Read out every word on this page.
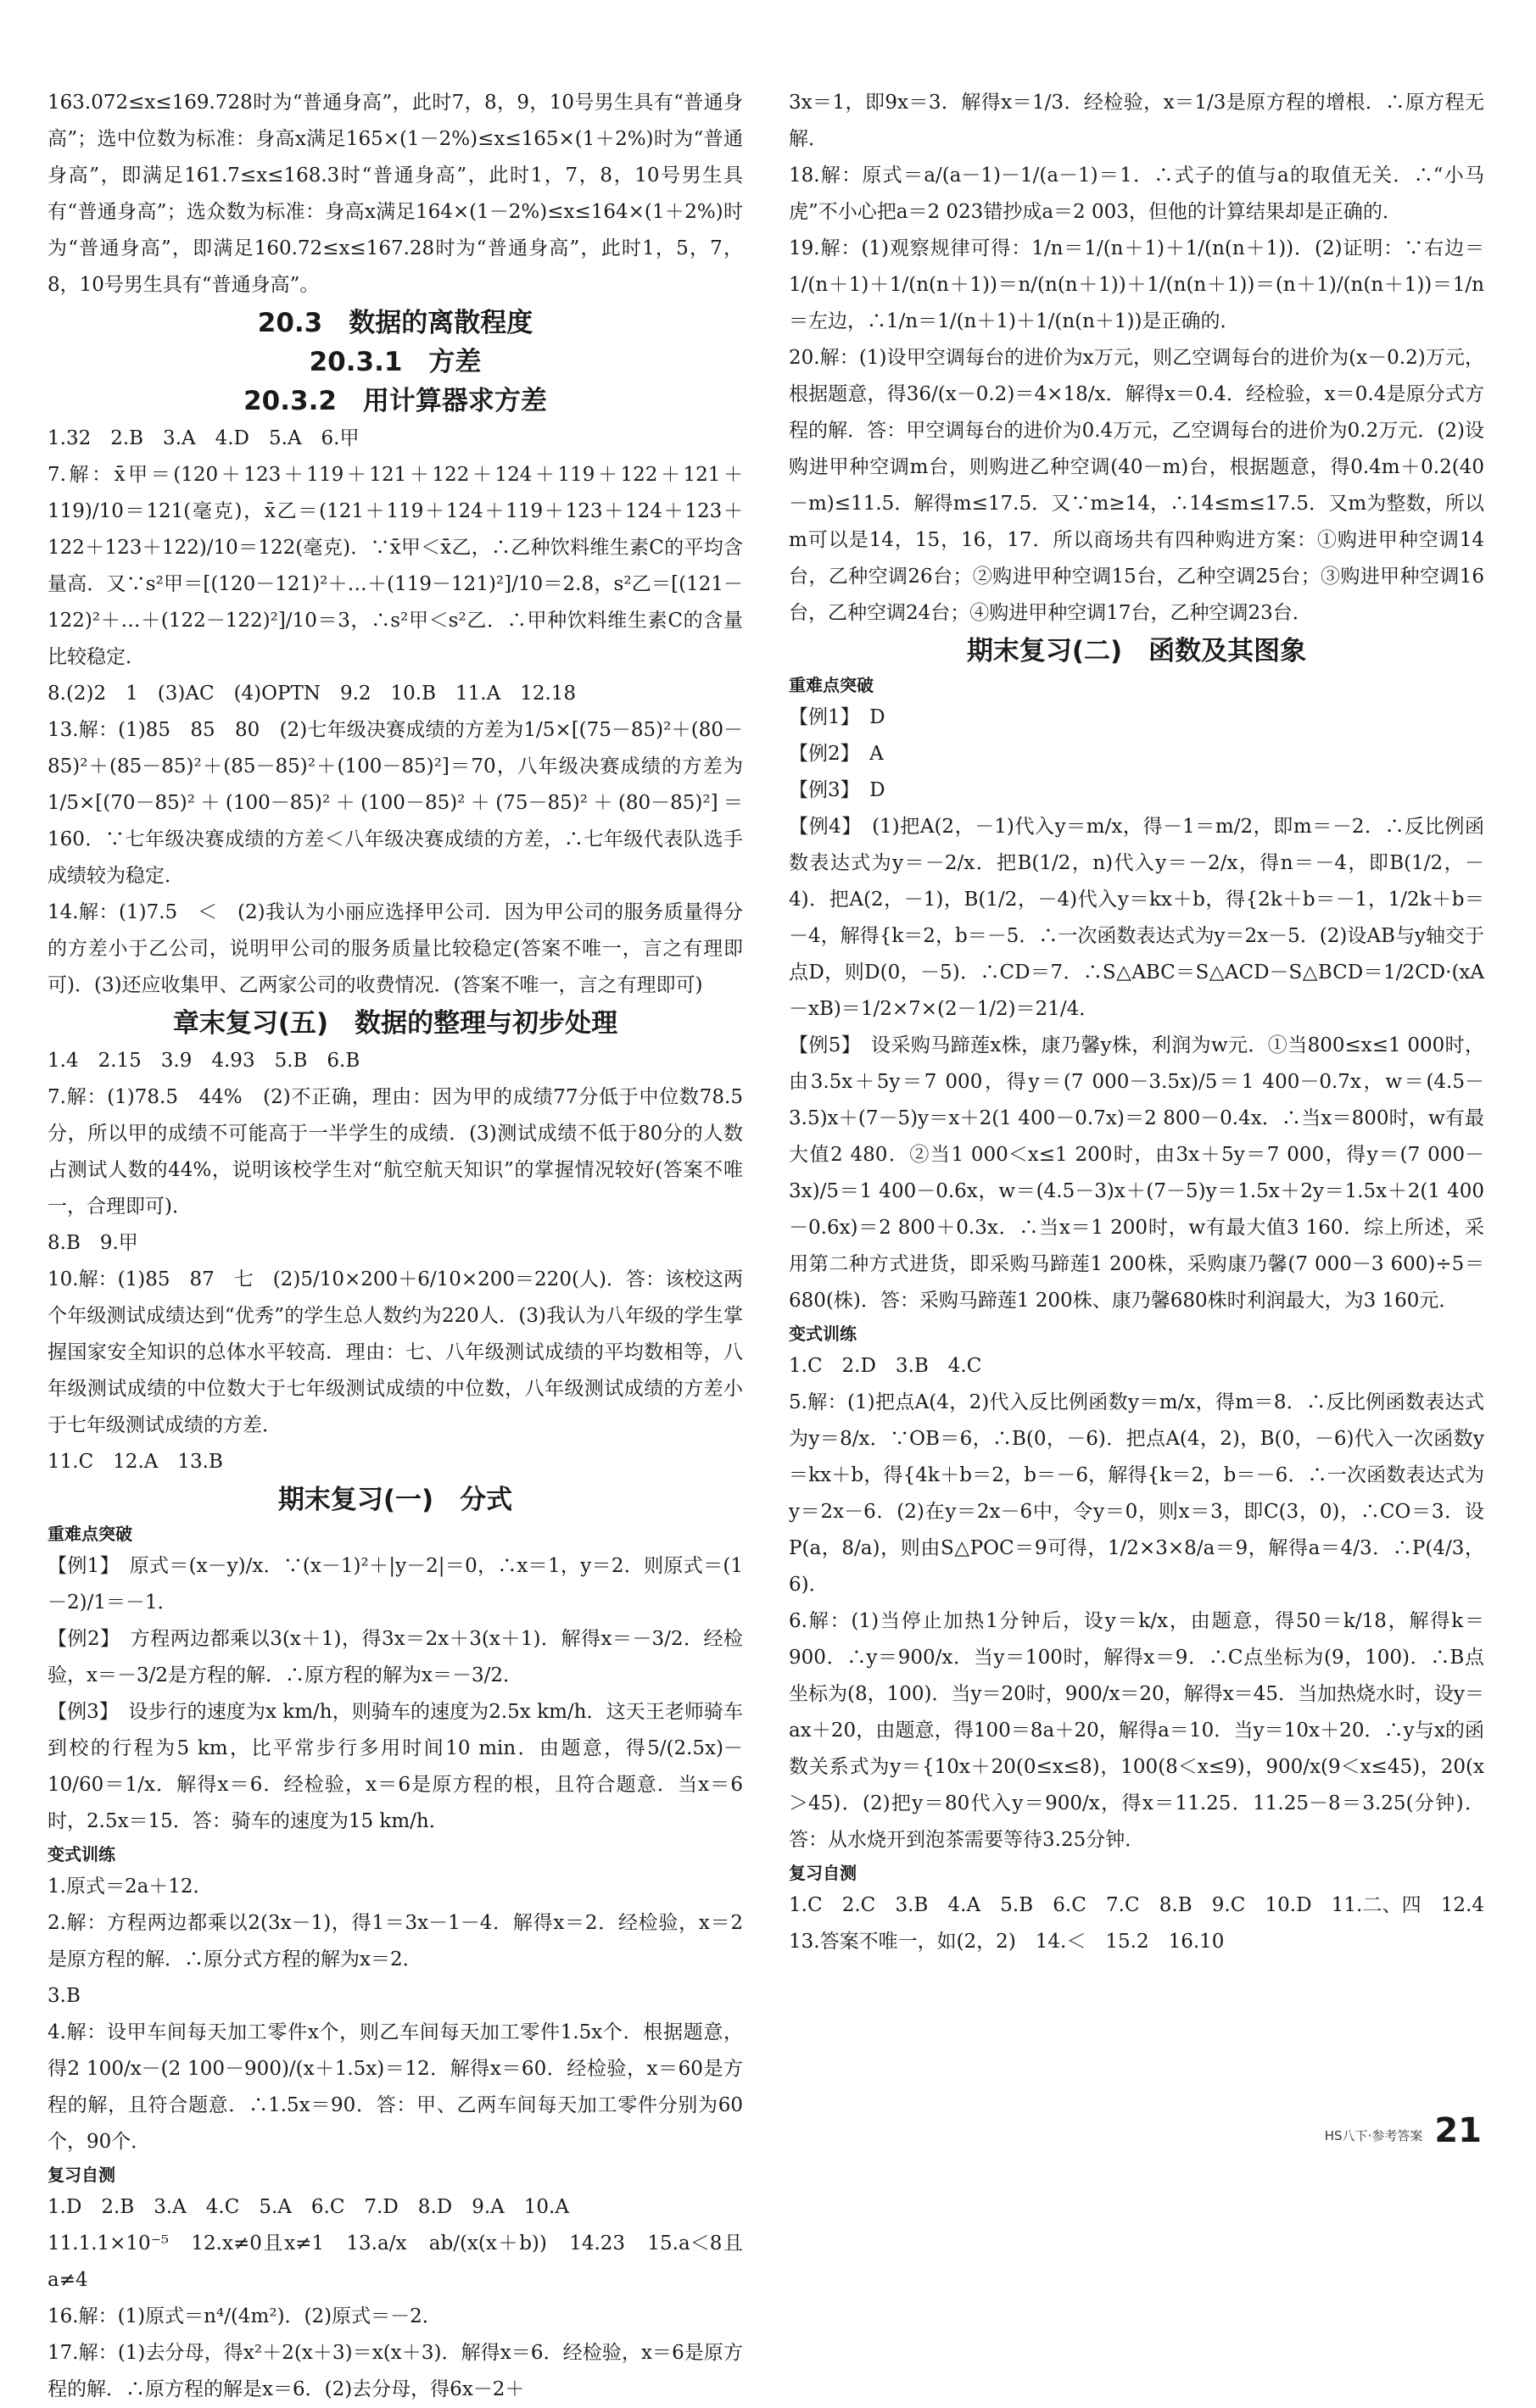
163.072≤x≤169.728时为“普通身高”，此时7，8，9，10号男生具有“普通身高”；选中位数为标准：身高x满足165×(1－2%)≤x≤165×(1＋2%)时为“普通身高”，即满足161.7≤x≤168.3时“普通身高”，此时1，7，8，10号男生具有“普通身高”；选众数为标准：身高x满足164×(1－2%)≤x≤164×(1＋2%)时为“普通身高”，即满足160.72≤x≤167.28时为“普通身高”，此时1，5，7，8，10号男生具有“普通身高”。
20.3　数据的离散程度
20.3.1　方差
20.3.2　用计算器求方差
1.32　2.B　3.A　4.D　5.A　6.甲
7.解：x̄甲＝(120＋123＋119＋121＋122＋124＋119＋122＋121＋119)/10＝121(毫克)，x̄乙＝(121＋119＋124＋119＋123＋124＋123＋122＋123＋122)/10＝122(毫克)．∵x̄甲＜x̄乙，∴乙种饮料维生素C的平均含量高．又∵s²甲＝[(120－121)²＋…＋(119－121)²]/10＝2.8，s²乙＝[(121－122)²＋…＋(122－122)²]/10＝3，∴s²甲＜s²乙．∴甲种饮料维生素C的含量比较稳定．
8.(2)2　1　(3)AC　(4)OPTN　9.2　10.B　11.A　12.18
13.解：(1)85　85　80　(2)七年级决赛成绩的方差为1/5×[(75－85)²＋(80－85)²＋(85－85)²＋(85－85)²＋(100－85)²]＝70，八年级决赛成绩的方差为1/5×[(70－85)²＋(100－85)²＋(100－85)²＋(75－85)²＋(80－85)²]＝160．∵七年级决赛成绩的方差＜八年级决赛成绩的方差，∴七年级代表队选手成绩较为稳定．
14.解：(1)7.5　＜　(2)我认为小丽应选择甲公司．因为甲公司的服务质量得分的方差小于乙公司，说明甲公司的服务质量比较稳定(答案不唯一，言之有理即可)．(3)还应收集甲、乙两家公司的收费情况．(答案不唯一，言之有理即可)
章末复习(五)　数据的整理与初步处理
1.4　2.15　3.9　4.93　5.B　6.B
7.解：(1)78.5　44%　(2)不正确，理由：因为甲的成绩77分低于中位数78.5分，所以甲的成绩不可能高于一半学生的成绩．(3)测试成绩不低于80分的人数占测试人数的44%，说明该校学生对“航空航天知识”的掌握情况较好(答案不唯一，合理即可)．
8.B　9.甲
10.解：(1)85　87　七　(2)5/10×200＋6/10×200＝220(人)．答：该校这两个年级测试成绩达到“优秀”的学生总人数约为220人．(3)我认为八年级的学生掌握国家安全知识的总体水平较高．理由：七、八年级测试成绩的平均数相等，八年级测试成绩的中位数大于七年级测试成绩的中位数，八年级测试成绩的方差小于七年级测试成绩的方差．
11.C　12.A　13.B
期末复习(一)　分式
重难点突破
【例1】　原式＝(x－y)/x．∵(x－1)²＋|y－2|＝0，∴x＝1，y＝2．则原式＝(1－2)/1＝－1．
【例2】　方程两边都乘以3(x＋1)，得3x＝2x＋3(x＋1)．解得x＝－3/2．经检验，x＝－3/2是方程的解．∴原方程的解为x＝－3/2．
【例3】　设步行的速度为x km/h，则骑车的速度为2.5x km/h．这天王老师骑车到校的行程为5 km，比平常步行多用时间10 min．由题意，得5/(2.5x)－10/60＝1/x．解得x＝6．经检验，x＝6是原方程的根，且符合题意．当x＝6时，2.5x＝15．答：骑车的速度为15 km/h．
变式训练
1.原式＝2a＋12．
2.解：方程两边都乘以2(3x－1)，得1＝3x－1－4．解得x＝2．经检验，x＝2是原方程的解．∴原分式方程的解为x＝2．
3.B
4.解：设甲车间每天加工零件x个，则乙车间每天加工零件1.5x个．根据题意，得2 100/x－(2 100－900)/(x＋1.5x)＝12．解得x＝60．经检验，x＝60是方程的解，且符合题意．∴1.5x＝90．答：甲、乙两车间每天加工零件分别为60个，90个．
复习自测
1.D　2.B　3.A　4.C　5.A　6.C　7.D　8.D　9.A　10.A
11.1.1×10⁻⁵　12.x≠0且x≠1　13.a/x　ab/(x(x＋b))　14.23　15.a＜8且a≠4
16.解：(1)原式＝n⁴/(4m²)．(2)原式＝－2．
17.解：(1)去分母，得x²＋2(x＋3)＝x(x＋3)．解得x＝6．经检验，x＝6是原方程的解．∴原方程的解是x＝6．(2)去分母，得6x－2＋
3x＝1，即9x＝3．解得x＝1/3．经检验，x＝1/3是原方程的增根．∴原方程无解．
18.解：原式＝a/(a－1)－1/(a－1)＝1．∴式子的值与a的取值无关．∴“小马虎”不小心把a＝2 023错抄成a＝2 003，但他的计算结果却是正确的．
19.解：(1)观察规律可得：1/n＝1/(n＋1)＋1/(n(n＋1))．(2)证明：∵右边＝1/(n＋1)＋1/(n(n＋1))＝n/(n(n＋1))＋1/(n(n＋1))＝(n＋1)/(n(n＋1))＝1/n＝左边，∴1/n＝1/(n＋1)＋1/(n(n＋1))是正确的．
20.解：(1)设甲空调每台的进价为x万元，则乙空调每台的进价为(x－0.2)万元，根据题意，得36/(x－0.2)＝4×18/x．解得x＝0.4．经检验，x＝0.4是原分式方程的解．答：甲空调每台的进价为0.4万元，乙空调每台的进价为0.2万元．(2)设购进甲种空调m台，则购进乙种空调(40－m)台，根据题意，得0.4m＋0.2(40－m)≤11.5．解得m≤17.5．又∵m≥14，∴14≤m≤17.5．又m为整数，所以m可以是14，15，16，17．所以商场共有四种购进方案：①购进甲种空调14台，乙种空调26台；②购进甲种空调15台，乙种空调25台；③购进甲种空调16台，乙种空调24台；④购进甲种空调17台，乙种空调23台．
期末复习(二)　函数及其图象
重难点突破
【例1】　D
【例2】　A
【例3】　D
【例4】　(1)把A(2，－1)代入y＝m/x，得－1＝m/2，即m＝－2．∴反比例函数表达式为y＝－2/x．把B(1/2，n)代入y＝－2/x，得n＝－4，即B(1/2，－4)．把A(2，－1)，B(1/2，－4)代入y＝kx＋b，得{2k＋b＝－1，1/2k＋b＝－4，解得{k＝2，b＝－5．∴一次函数表达式为y＝2x－5．(2)设AB与y轴交于点D，则D(0，－5)．∴CD＝7．∴S△ABC＝S△ACD－S△BCD＝1/2CD·(xA－xB)＝1/2×7×(2－1/2)＝21/4．
【例5】　设采购马蹄莲x株，康乃馨y株，利润为w元．①当800≤x≤1 000时，由3.5x＋5y＝7 000，得y＝(7 000－3.5x)/5＝1 400－0.7x，w＝(4.5－3.5)x＋(7－5)y＝x＋2(1 400－0.7x)＝2 800－0.4x．∴当x＝800时，w有最大值2 480．②当1 000＜x≤1 200时，由3x＋5y＝7 000，得y＝(7 000－3x)/5＝1 400－0.6x，w＝(4.5－3)x＋(7－5)y＝1.5x＋2y＝1.5x＋2(1 400－0.6x)＝2 800＋0.3x．∴当x＝1 200时，w有最大值3 160．综上所述，采用第二种方式进货，即采购马蹄莲1 200株，采购康乃馨(7 000－3 600)÷5＝680(株)．答：采购马蹄莲1 200株、康乃馨680株时利润最大，为3 160元．
变式训练
1.C　2.D　3.B　4.C
5.解：(1)把点A(4，2)代入反比例函数y＝m/x，得m＝8．∴反比例函数表达式为y＝8/x．∵OB＝6，∴B(0，－6)．把点A(4，2)，B(0，－6)代入一次函数y＝kx＋b，得{4k＋b＝2，b＝－6，解得{k＝2，b＝－6．∴一次函数表达式为y＝2x－6．(2)在y＝2x－6中，令y＝0，则x＝3，即C(3，0)，∴CO＝3．设P(a，8/a)，则由S△POC＝9可得，1/2×3×8/a＝9，解得a＝4/3．∴P(4/3，6)．
6.解：(1)当停止加热1分钟后，设y＝k/x，由题意，得50＝k/18，解得k＝900．∴y＝900/x．当y＝100时，解得x＝9．∴C点坐标为(9，100)．∴B点坐标为(8，100)．当y＝20时，900/x＝20，解得x＝45．当加热烧水时，设y＝ax＋20，由题意，得100＝8a＋20，解得a＝10．当y＝10x＋20．∴y与x的函数关系式为y＝{10x＋20(0≤x≤8)，100(8＜x≤9)，900/x(9＜x≤45)，20(x＞45)．(2)把y＝80代入y＝900/x，得x＝11.25．11.25－8＝3.25(分钟)．答：从水烧开到泡茶需要等待3.25分钟．
复习自测
1.C　2.C　3.B　4.A　5.B　6.C　7.C　8.B　9.C　10.D　11.二、四　12.4　13.答案不唯一，如(2，2)　14.＜　15.2　16.10
HS八下·参考答案 21
